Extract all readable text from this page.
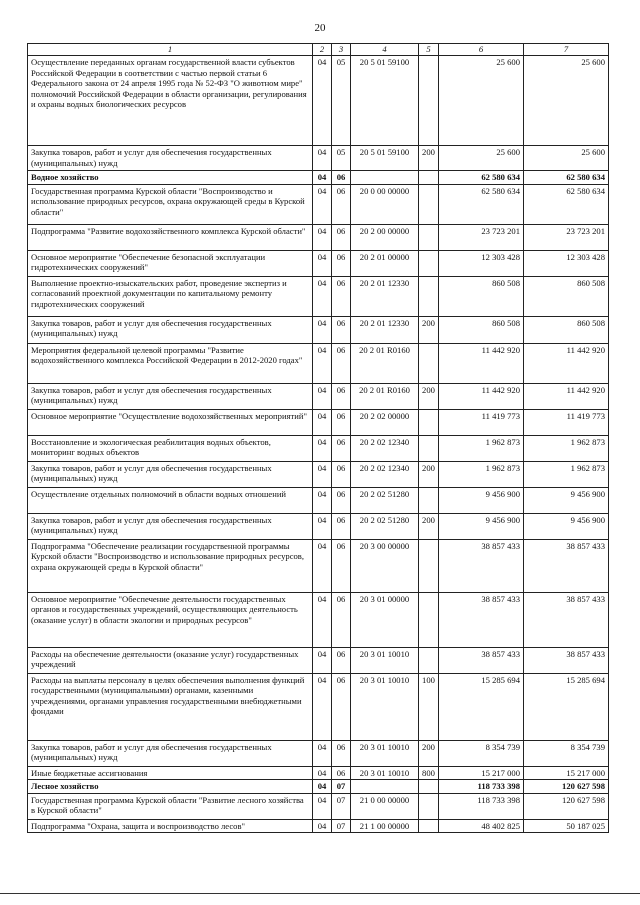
20
1	2	3	4	5	6	7
Осуществление переданных органам государственной власти субъектов Российской Федерации в соответствии с частью первой статьи 6 Федерального закона от 24 апреля 1995 года № 52-ФЗ "О животном мире" полномочий Российской Федерации в области организации, регулирования и охраны водных биологических ресурсов	04	05	20 5 01 59100		25 600	25 600
Закупка товаров, работ и услуг для обеспечения государственных (муниципальных) нужд	04	05	20 5 01 59100	200	25 600	25 600
Водное хозяйство	04	06			62 580 634	62 580 634
Государственная программа Курской области "Воспроизводство и использование природных ресурсов, охрана окружающей среды в Курской области"	04	06	20 0 00 00000		62 580 634	62 580 634
Подпрограмма "Развитие водохозяйственного комплекса Курской области"	04	06	20 2 00 00000		23 723 201	23 723 201
Основное мероприятие "Обеспечение безопасной эксплуатации гидротехнических сооружений"	04	06	20 2 01 00000		12 303 428	12 303 428
Выполнение проектно-изыскательских работ, проведение экспертиз и согласований проектной документации по капитальному ремонту гидротехнических сооружений	04	06	20 2 01 12330		860 508	860 508
Закупка товаров, работ и услуг для обеспечения государственных (муниципальных) нужд	04	06	20 2 01 12330	200	860 508	860 508
Мероприятия федеральной целевой программы "Развитие водохозяйственного комплекса Российской Федерации в 2012-2020 годах"	04	06	20 2 01 R0160		11 442 920	11 442 920
Закупка товаров, работ и услуг для обеспечения государственных (муниципальных) нужд	04	06	20 2 01 R0160	200	11 442 920	11 442 920
Основное мероприятие "Осуществление водохозяйственных мероприятий"	04	06	20 2 02 00000		11 419 773	11 419 773
Восстановление и экологическая реабилитация водных объектов, мониторинг водных объектов	04	06	20 2 02 12340		1 962 873	1 962 873
Закупка товаров, работ и услуг для обеспечения государственных (муниципальных) нужд	04	06	20 2 02 12340	200	1 962 873	1 962 873
Осуществление отдельных полномочий в области водных отношений	04	06	20 2 02 51280		9 456 900	9 456 900
Закупка товаров, работ и услуг для обеспечения государственных (муниципальных) нужд	04	06	20 2 02 51280	200	9 456 900	9 456 900
Подпрограмма "Обеспечение реализации государственной программы Курской области "Воспроизводство и использование природных ресурсов, охрана окружающей среды в Курской области"	04	06	20 3 00 00000		38 857 433	38 857 433
Основное мероприятие "Обеспечение деятельности государственных органов и государственных учреждений, осуществляющих деятельность (оказание услуг) в области экологии и природных ресурсов"	04	06	20 3 01 00000		38 857 433	38 857 433
Расходы на обеспечение деятельности (оказание услуг) государственных учреждений	04	06	20 3 01 10010		38 857 433	38 857 433
Расходы на выплаты персоналу в целях обеспечения выполнения функций государственными (муниципальными) органами, казенными учреждениями, органами управления государственными внебюджетными фондами	04	06	20 3 01 10010	100	15 285 694	15 285 694
Закупка товаров, работ и услуг для обеспечения государственных (муниципальных) нужд	04	06	20 3 01 10010	200	8 354 739	8 354 739
Иные бюджетные ассигнования	04	06	20 3 01 10010	800	15 217 000	15 217 000
Лесное хозяйство	04	07			118 733 398	120 627 598
Государственная программа Курской области "Развитие лесного хозяйства в Курской области"	04	07	21 0 00 00000		118 733 398	120 627 598
Подпрограмма "Охрана, защита и воспроизводство лесов"	04	07	21 1 00 00000		48 402 825	50 187 025
